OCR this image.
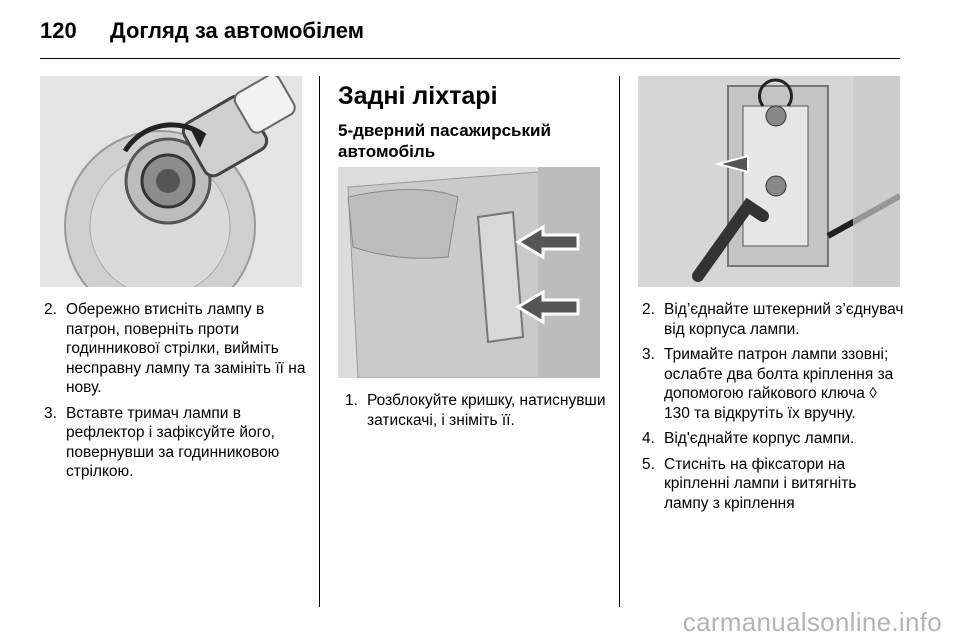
120 Догляд за автомобілем
Задні ліхтарі
5-дверний пасажирський автомобіль
2. Обережно втисніть лампу в патрон, поверніть проти годинникової стрілки, вийміть несправну лампу та замініть її на нову.
3. Вставте тримач лампи в рефлектор і зафіксуйте його, повернувши за годинниковою стрілкою.
1. Розблокуйте кришку, натиснувши затискачі, і зніміть її.
2. Від’єднайте штекерний з’єднувач від корпуса лампи.
3. Тримайте патрон лампи ззовні; ослабте два болта кріплення за допомогою гайкового ключа ◊ 130 та відкрутіть їх вручну.
4. Від'єднайте корпус лампи.
5. Стисніть на фіксатори на кріпленні лампи і витягніть лампу з кріплення
carmanualsonline.info
